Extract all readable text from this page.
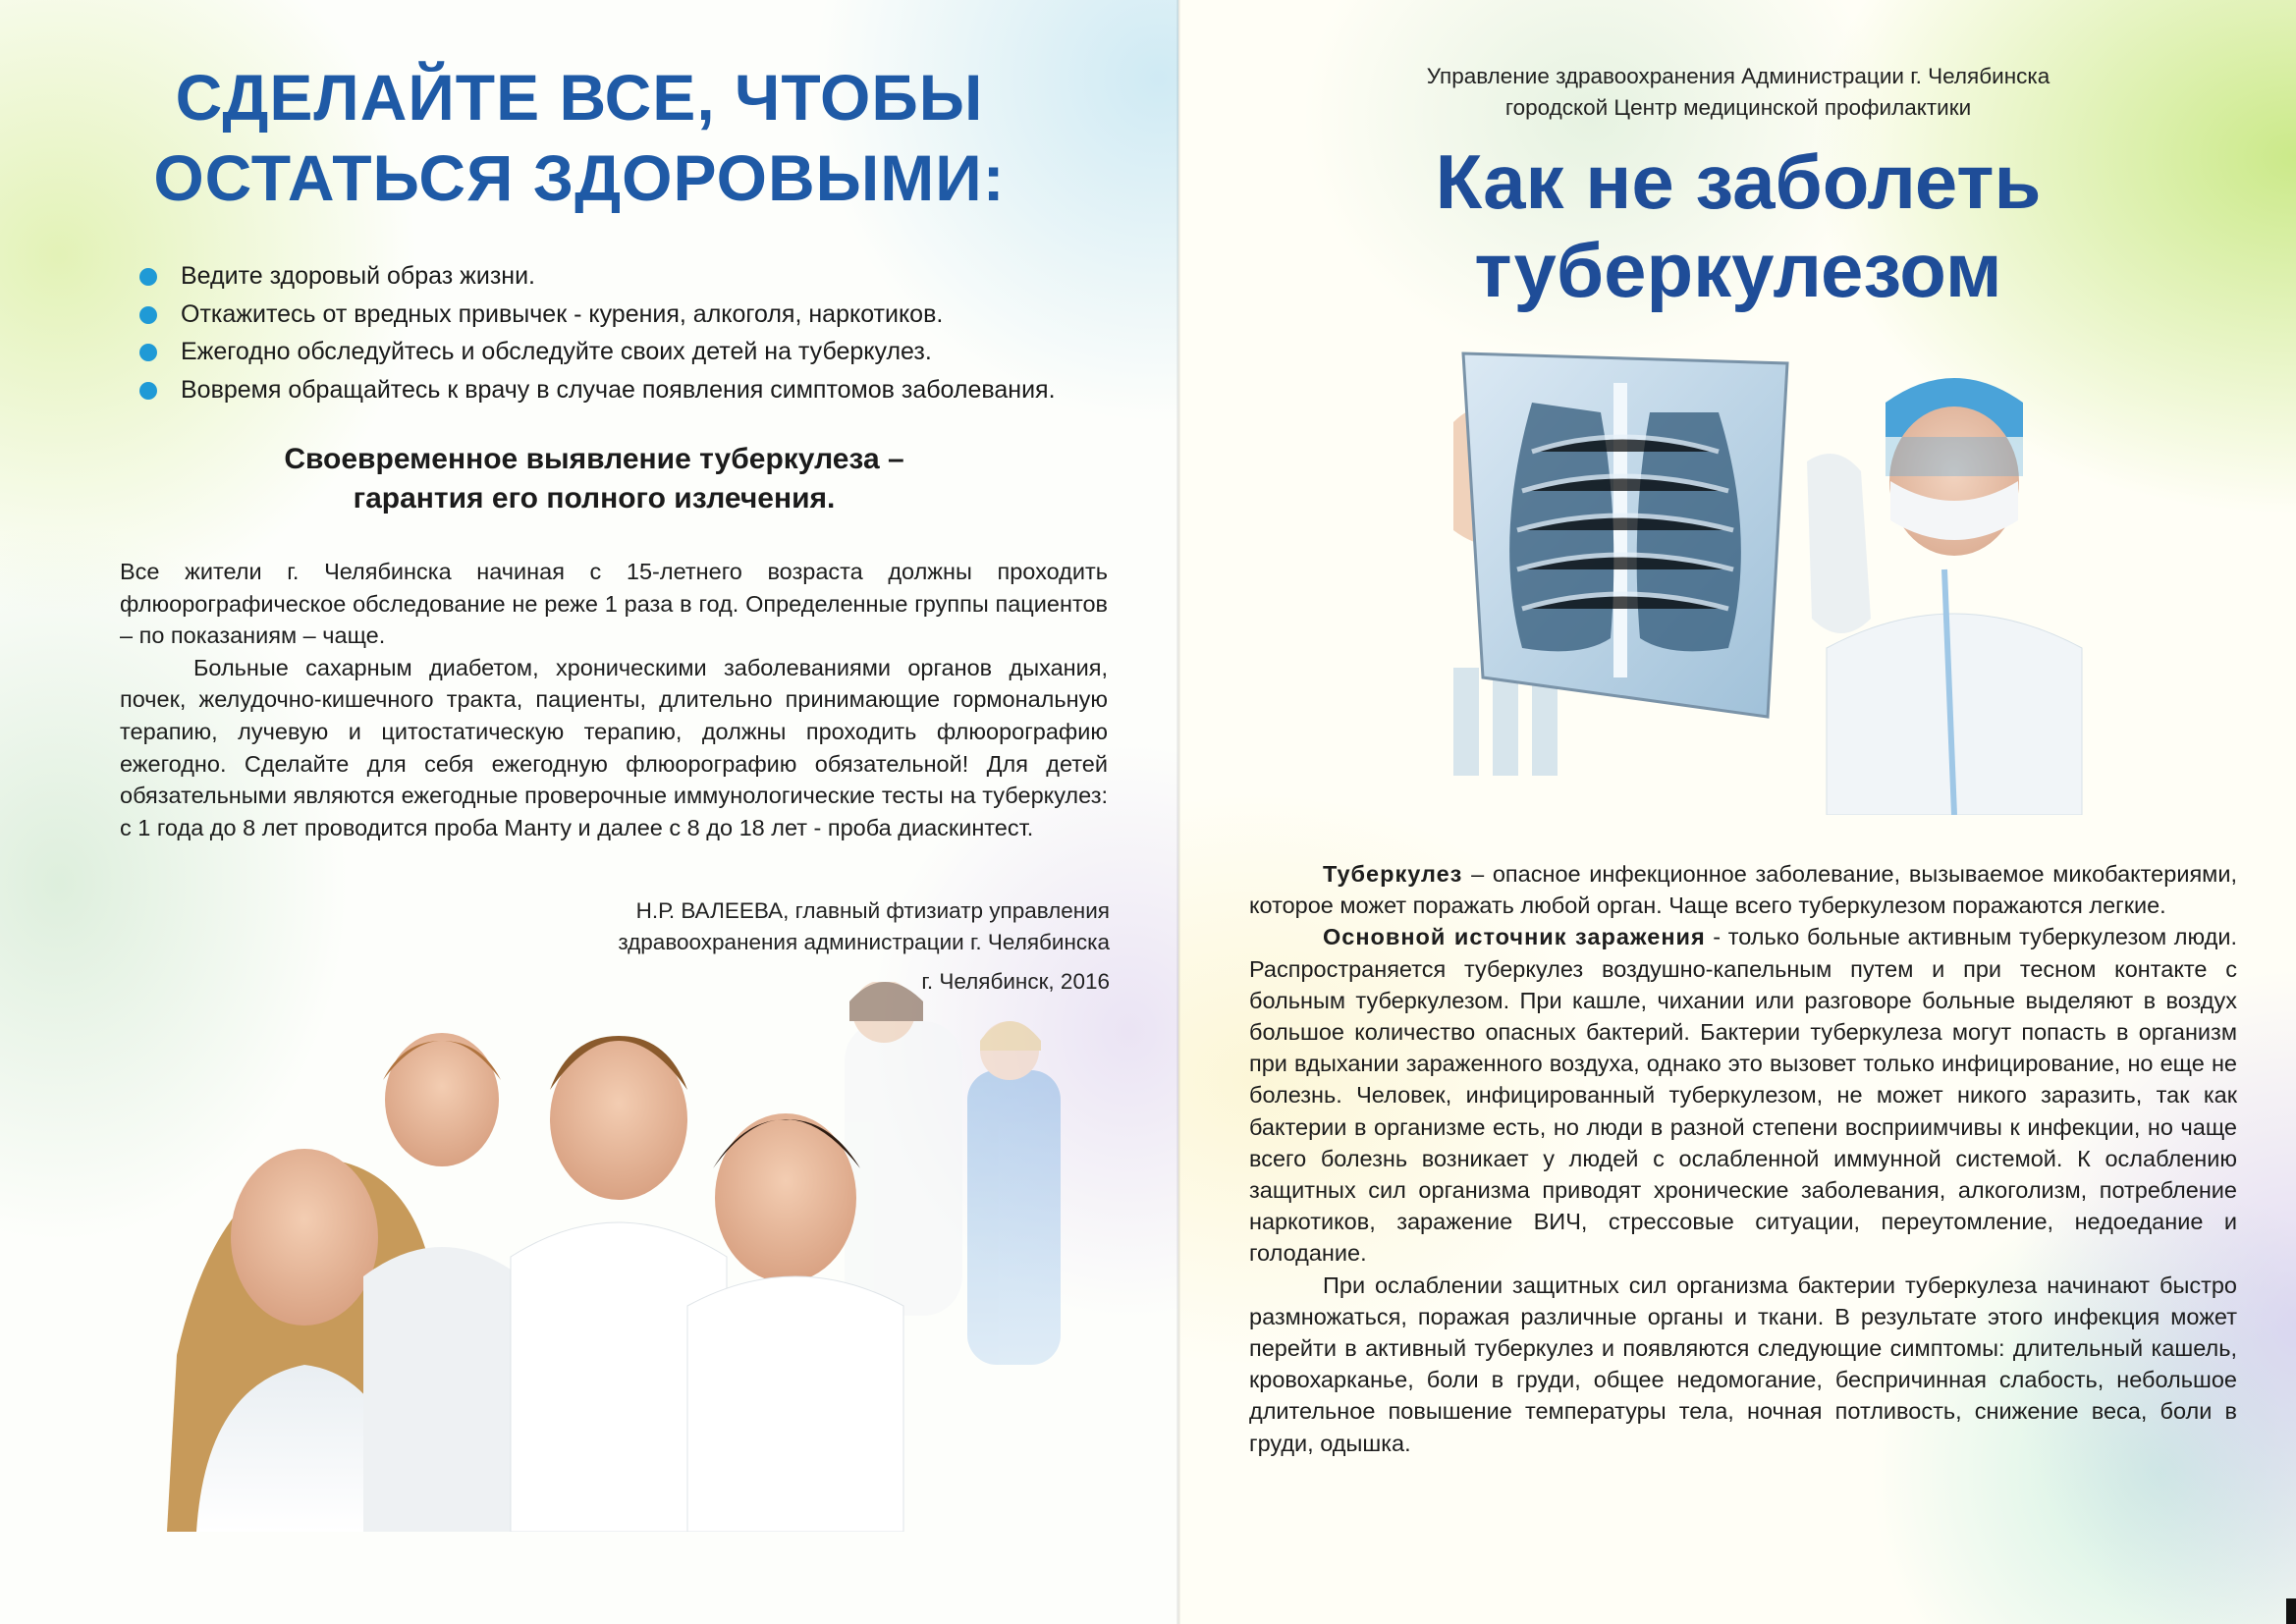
СДЕЛАЙТЕ ВСЕ, ЧТОБЫ
ОСТАТЬСЯ ЗДОРОВЫМИ:
Ведите здоровый образ жизни.
Откажитесь от вредных привычек - курения, алкоголя, наркотиков.
Ежегодно обследуйтесь и обследуйте своих детей на туберкулез.
Вовремя обращайтесь к врачу в случае появления симптомов заболевания.
Своевременное выявление туберкулеза –
гарантия его полного излечения.

Все жители г. Челябинска начиная с 15-летнего возраста должны проходить флюорографическое обследование не реже 1 раза в год. Определенные группы пациентов – по показаниям – чаще.

Больные сахарным диабетом, хроническими заболеваниями органов дыхания, почек, желудочно-кишечного тракта, пациенты, длительно принимающие гормональную терапию, лучевую и цитостатическую терапию, должны проходить флюорографию ежегодно. Сделайте для себя ежегодную флюорографию обязательной! Для детей обязательными являются ежегодные проверочные иммунологические тесты на туберкулез: с 1 года до 8 лет проводится проба Манту и далее с 8 до 18 лет - проба диаскинтест.

Н.Р. ВАЛЕЕВА, главный фтизиатр управления
здравоохранения администрации г. Челябинска
г. Челябинск, 2016
Управление здравоохранения Администрации г. Челябинска
городской Центр медицинской профилактики
Как не заболеть
туберкулезом

Туберкулез – опасное инфекционное заболевание, вызываемое микобактериями, которое может поражать любой орган. Чаще всего туберкулезом поражаются легкие.

Основной источник заражения - только больные активным туберкулезом люди. Распространяется туберкулез воздушно-капельным путем и при тесном контакте с больным туберкулезом. При кашле, чихании или разговоре больные выделяют в воздух большое количество опасных бактерий. Бактерии туберкулеза могут попасть в организм при вдыхании зараженного воздуха, однако это вызовет только инфицирование, но еще не болезнь. Человек, инфицированный туберкулезом, не может никого заразить, так как бактерии в организме есть, но люди в разной степени восприимчивы к инфекции, но чаще всего болезнь возникает у людей с ослабленной иммунной системой. К ослаблению защитных сил организма приводят хронические заболевания, алкоголизм, потребление наркотиков, заражение ВИЧ, стрессовые ситуации, переутомление, недоедание и голодание.

При ослаблении защитных сил организма бактерии туберкулеза начинают быстро размножаться, поражая различные органы и ткани. В результате этого инфекция может перейти в активный туберкулез и появляются следующие симптомы: длительный кашель, кровохарканье, боли в груди, общее недомогание, беспричинная слабость, небольшое длительное повышение температуры тела, ночная потливость, снижение веса, боли в груди, одышка.
